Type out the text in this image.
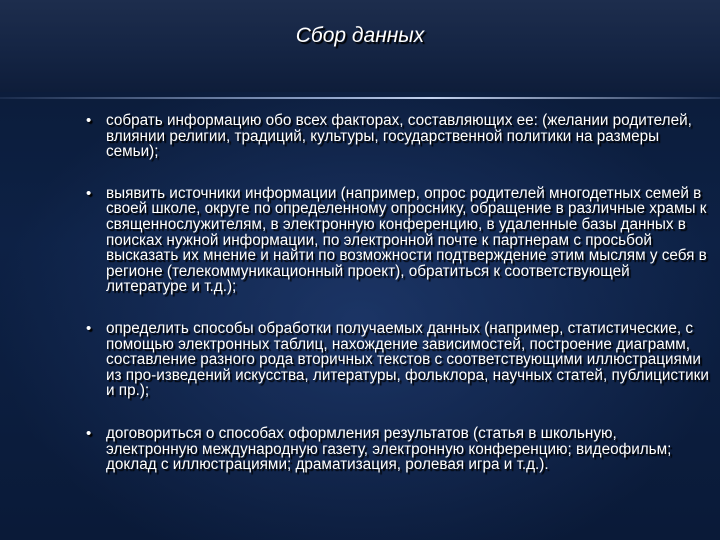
Сбор данных
• собрать информацию обо всех факторах, составляющих ее: (желании родителей, влиянии религии, традиций, культуры, государственной политики на размеры семьи);
• выявить источники информации (например, опрос родителей многодетных семей в своей школе, округе по определенному опроснику, обращение в различные храмы к священнослужителям, в электронную конференцию, в удаленные базы данных в поисках нужной информации, по электронной почте к партнерам с просьбой высказать их мнение и найти по возможности подтверждение этим мыслям у себя в регионе (телекоммуникационный проект), обратиться к соответствующей литературе и т.д.);
• определить способы обработки получаемых данных (например, статистические, с помощью электронных таблиц, нахождение зависимостей, построение диаграмм, составление разного рода вторичных текстов с соответствующими иллюстрациями из про-изведений искусства, литературы, фольклора, научных статей, публицистики и пр.);
• договориться о способах оформления результатов (статья в школьную, электронную международную газету, электронную конференцию; видеофильм; доклад с иллюстрациями; драматизация, ролевая игра и т.д.).
